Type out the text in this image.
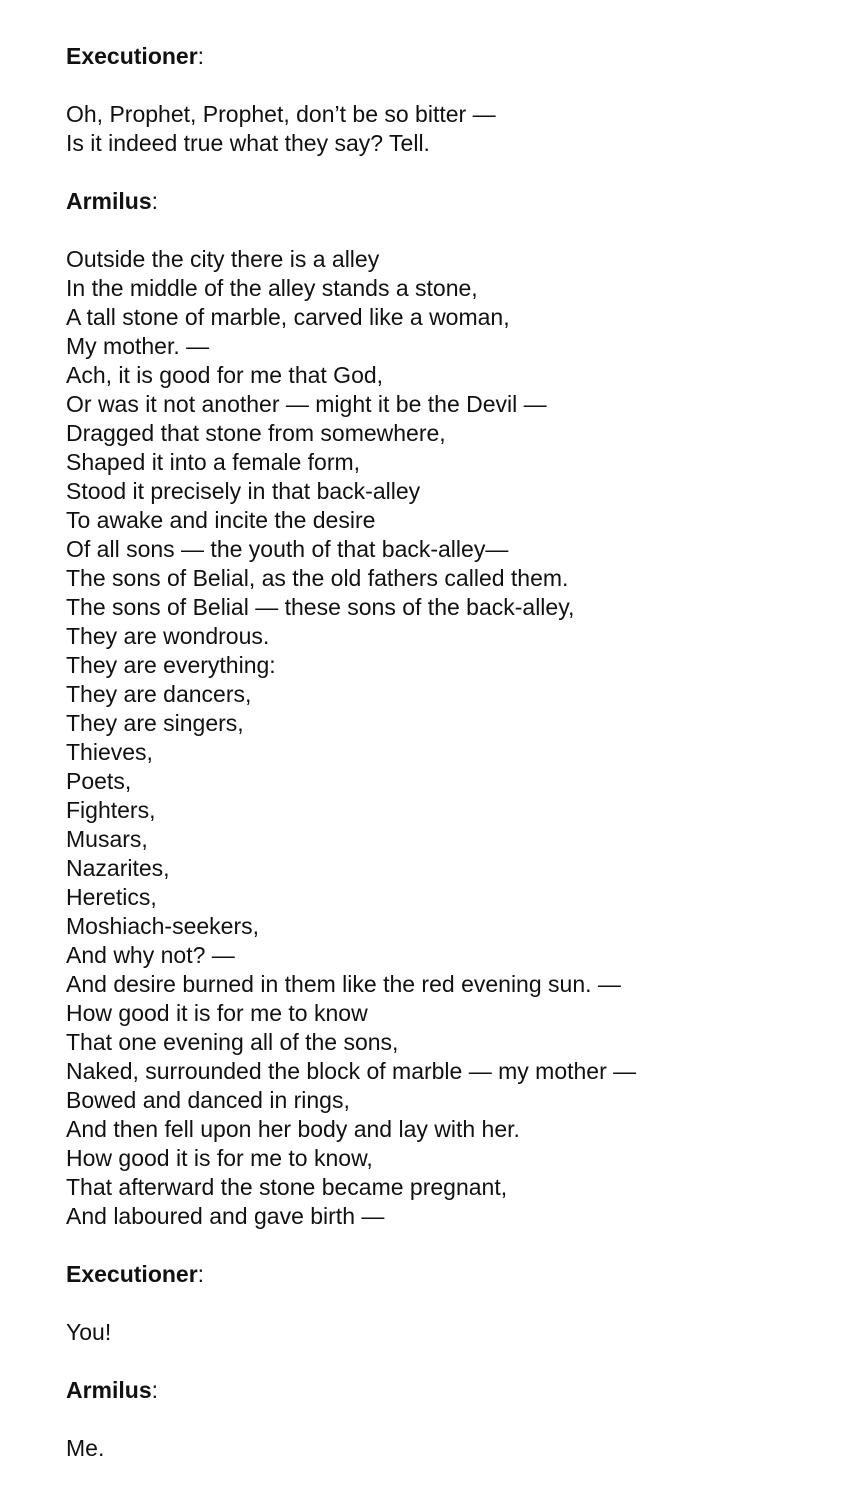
Executioner:

Oh, Prophet, Prophet, don’t be so bitter —
Is it indeed true what they say? Tell.

Armilus:

Outside the city there is a alley
In the middle of the alley stands a stone,
A tall stone of marble, carved like a woman,
My mother. —
Ach, it is good for me that God,
Or was it not another — might it be the Devil —
Dragged that stone from somewhere,
Shaped it into a female form,
Stood it precisely in that back-alley
To awake and incite the desire
Of all sons — the youth of that back-alley—
The sons of Belial, as the old fathers called them.
The sons of Belial — these sons of the back-alley,
They are wondrous.
They are everything:
They are dancers,
They are singers,
Thieves,
Poets,
Fighters,
Musars,
Nazarites,
Heretics,
Moshiach-seekers,
And why not? —
And desire burned in them like the red evening sun. —
How good it is for me to know
That one evening all of the sons,
Naked, surrounded the block of marble — my mother —
Bowed and danced in rings,
And then fell upon her body and lay with her.
How good it is for me to know,
That afterward the stone became pregnant,
And laboured and gave birth —

Executioner:

You!

Armilus:

Me.
